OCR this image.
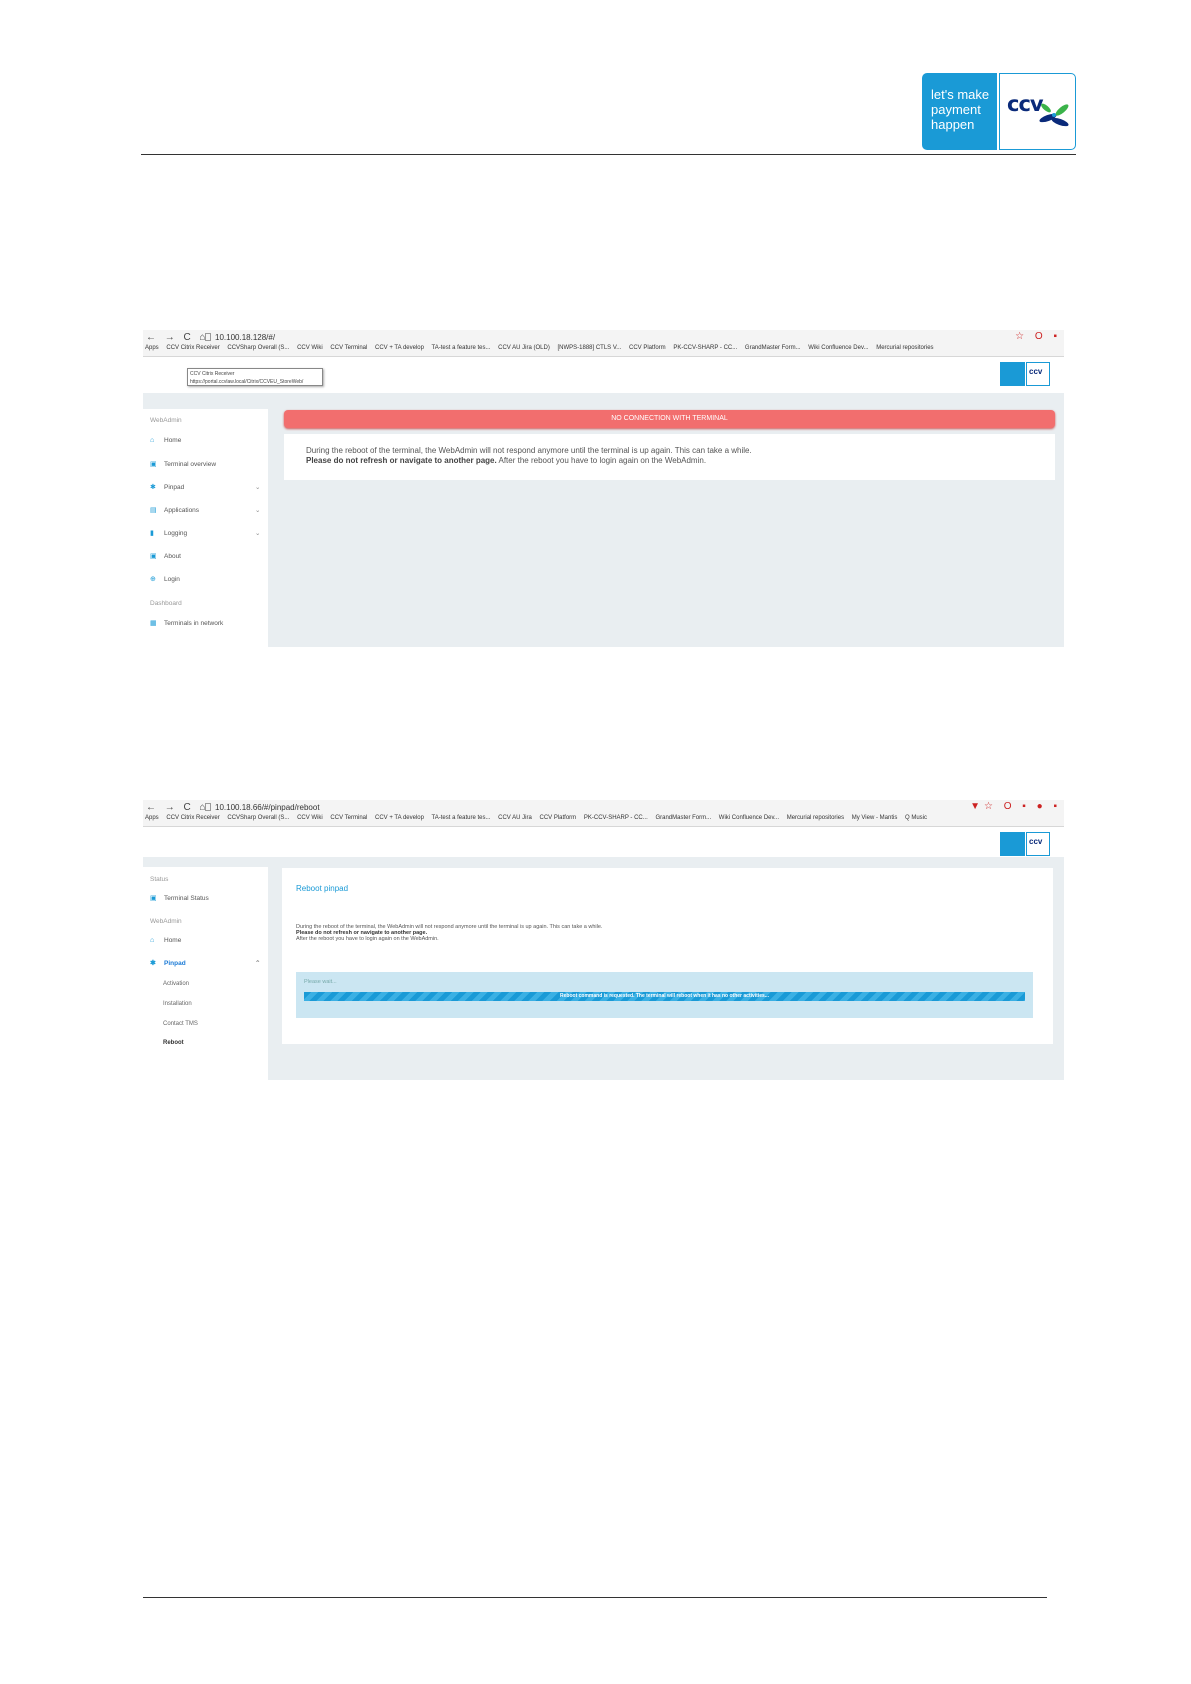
let's make
payment
happen
ccv
← → C ⌂ 10.100.18.128/#/	☆ O ▪
Apps CCV Citrix Receiver CCVSharp Overall (S... CCV Wiki CCV Terminal CCV + TA develop TA-test a feature tes... CCV AU Jira (OLD) [NWPS-1888] CTLS V... CCV Platform PK-CCV-SHARP - CC... GrandMaster Form... Wiki Confluence Dev... Mercurial repositories
ccv
CCV Citrix Receiver
https://portal.ccvlaw.local/Citrix/CCVEU_StoreWeb/
WebAdmin
⌂ Home
▣ Terminal overview
✱ Pinpad	⌄
▤ Applications	⌄
▮ Logging	⌄
▣ About
⊕ Login
Dashboard
▦ Terminals in network
NO CONNECTION WITH TERMINAL
During the reboot of the terminal, the WebAdmin will not respond anymore until the terminal is up again. This can take a while.
Please do not refresh or navigate to another page. After the reboot you have to login again on the WebAdmin.
← → C ⌂ 10.100.18.66/#/pinpad/reboot	▼☆ O ▪ ● ▪
Apps CCV Citrix Receiver CCVSharp Overall (S... CCV Wiki CCV Terminal CCV + TA develop TA-test a feature tes... CCV AU Jira CCV Platform PK-CCV-SHARP - CC... GrandMaster Form... Wiki Confluence Dev... Mercurial repositories My View - Mantis Q Music
ccv
Status
▣ Terminal Status
WebAdmin
⌂ Home
✱ Pinpad	⌃
Activation
Installation
Contact TMS
Reboot
Reboot pinpad
During the reboot of the terminal, the WebAdmin will not respond anymore until the terminal is up again. This can take a while.
Please do not refresh or navigate to another page.
After the reboot you have to login again on the WebAdmin.
Please wait...
Reboot command is requested. The terminal will reboot when it has no other activities...
